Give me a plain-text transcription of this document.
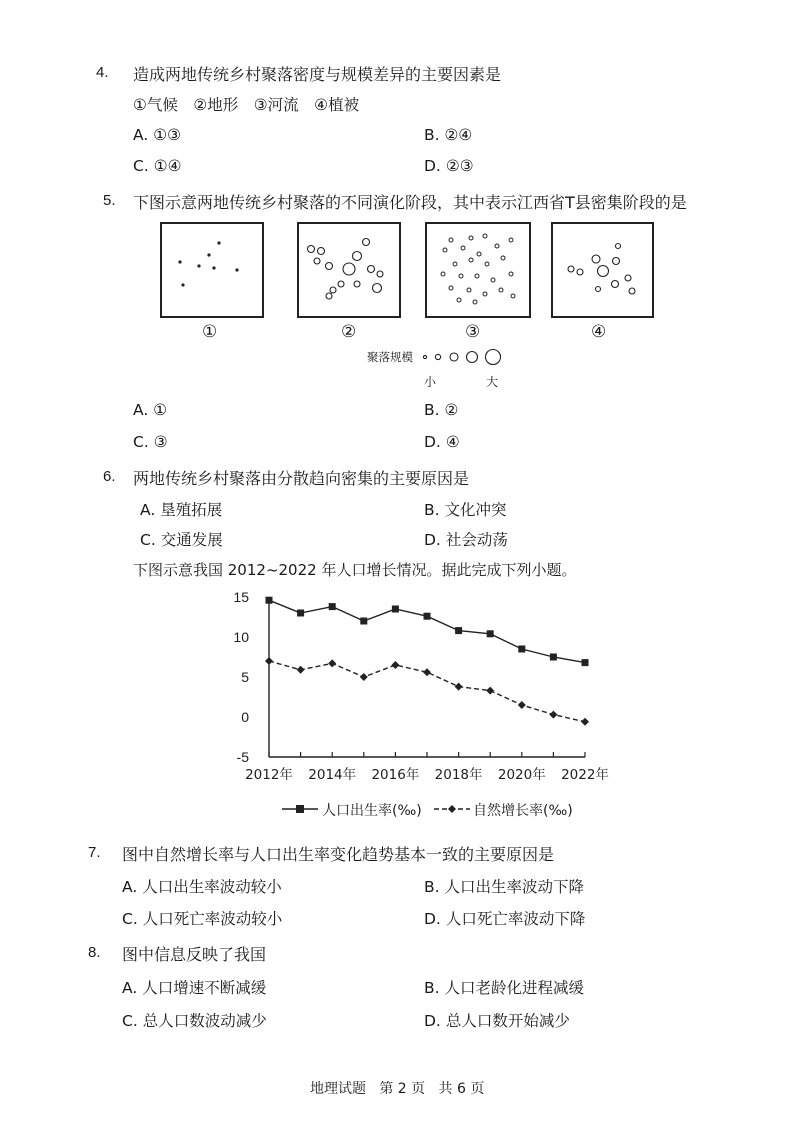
4. 造成两地传统乡村聚落密度与规模差异的主要因素是
①气候　②地形　③河流　④植被
A. ①③	B. ②④
C. ①④	D. ②③
5. 下图示意两地传统乡村聚落的不同演化阶段，其中表示江西省T县密集阶段的是
①	②	③	④
聚落规模
小	大
A. ①	B. ②
C. ③	D. ④
6. 两地传统乡村聚落由分散趋向密集的主要原因是
A. 垦殖拓展	B. 文化冲突
C. 交通发展	D. 社会动荡
下图示意我国 2012~2022 年人口增长情况。据此完成下列小题。
15
10
5
0
-5
2012年 2014年 2016年 2018年 2020年 2022年
人口出生率(‰)	自然增长率(‰)
7. 图中自然增长率与人口出生率变化趋势基本一致的主要原因是
A. 人口出生率波动较小	B. 人口出生率波动下降
C. 人口死亡率波动较小	D. 人口死亡率波动下降
8. 图中信息反映了我国
A. 人口增速不断减缓	B. 人口老龄化进程减缓
C. 总人口数波动减少	D. 总人口数开始减少
地理试题 第 2 页 共 6 页
